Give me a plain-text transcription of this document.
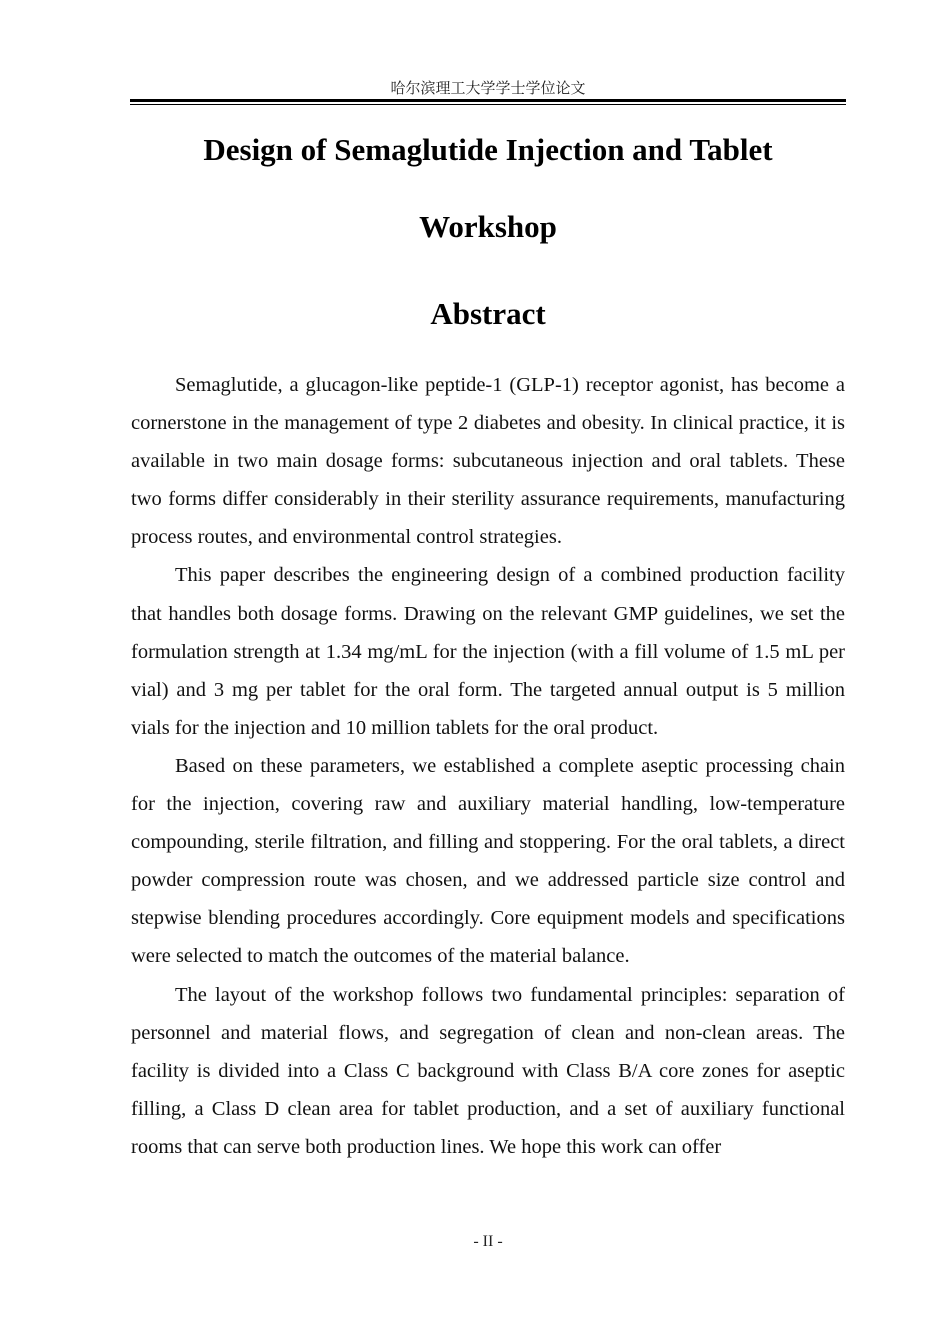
哈尔滨理工大学学士学位论文
Design of Semaglutide Injection and Tablet
Workshop
Abstract

Semaglutide, a glucagon-like peptide-1 (GLP-1) receptor agonist, has become a cornerstone in the management of type 2 diabetes and obesity. In clinical practice, it is available in two main dosage forms: subcutaneous injection and oral tablets. These two forms differ considerably in their sterility assurance requirements, manufacturing process routes, and environmental control strategies.

This paper describes the engineering design of a combined production facility that handles both dosage forms. Drawing on the relevant GMP guidelines, we set the formulation strength at 1.34 mg/mL for the injection (with a fill volume of 1.5 mL per vial) and 3 mg per tablet for the oral form. The targeted annual output is 5 million vials for the injection and 10 million tablets for the oral product.

Based on these parameters, we established a complete aseptic processing chain for the injection, covering raw and auxiliary material handling, low-temperature compounding, sterile filtration, and filling and stoppering. For the oral tablets, a direct powder compression route was chosen, and we addressed particle size control and stepwise blending procedures accordingly. Core equipment models and specifications were selected to match the outcomes of the material balance.

The layout of the workshop follows two fundamental principles: separation of personnel and material flows, and segregation of clean and non-clean areas. The facility is divided into a Class C background with Class B/A core zones for aseptic filling, a Class D clean area for tablet production, and a set of auxiliary functional rooms that can serve both production lines. We hope this work can offer

- II -
